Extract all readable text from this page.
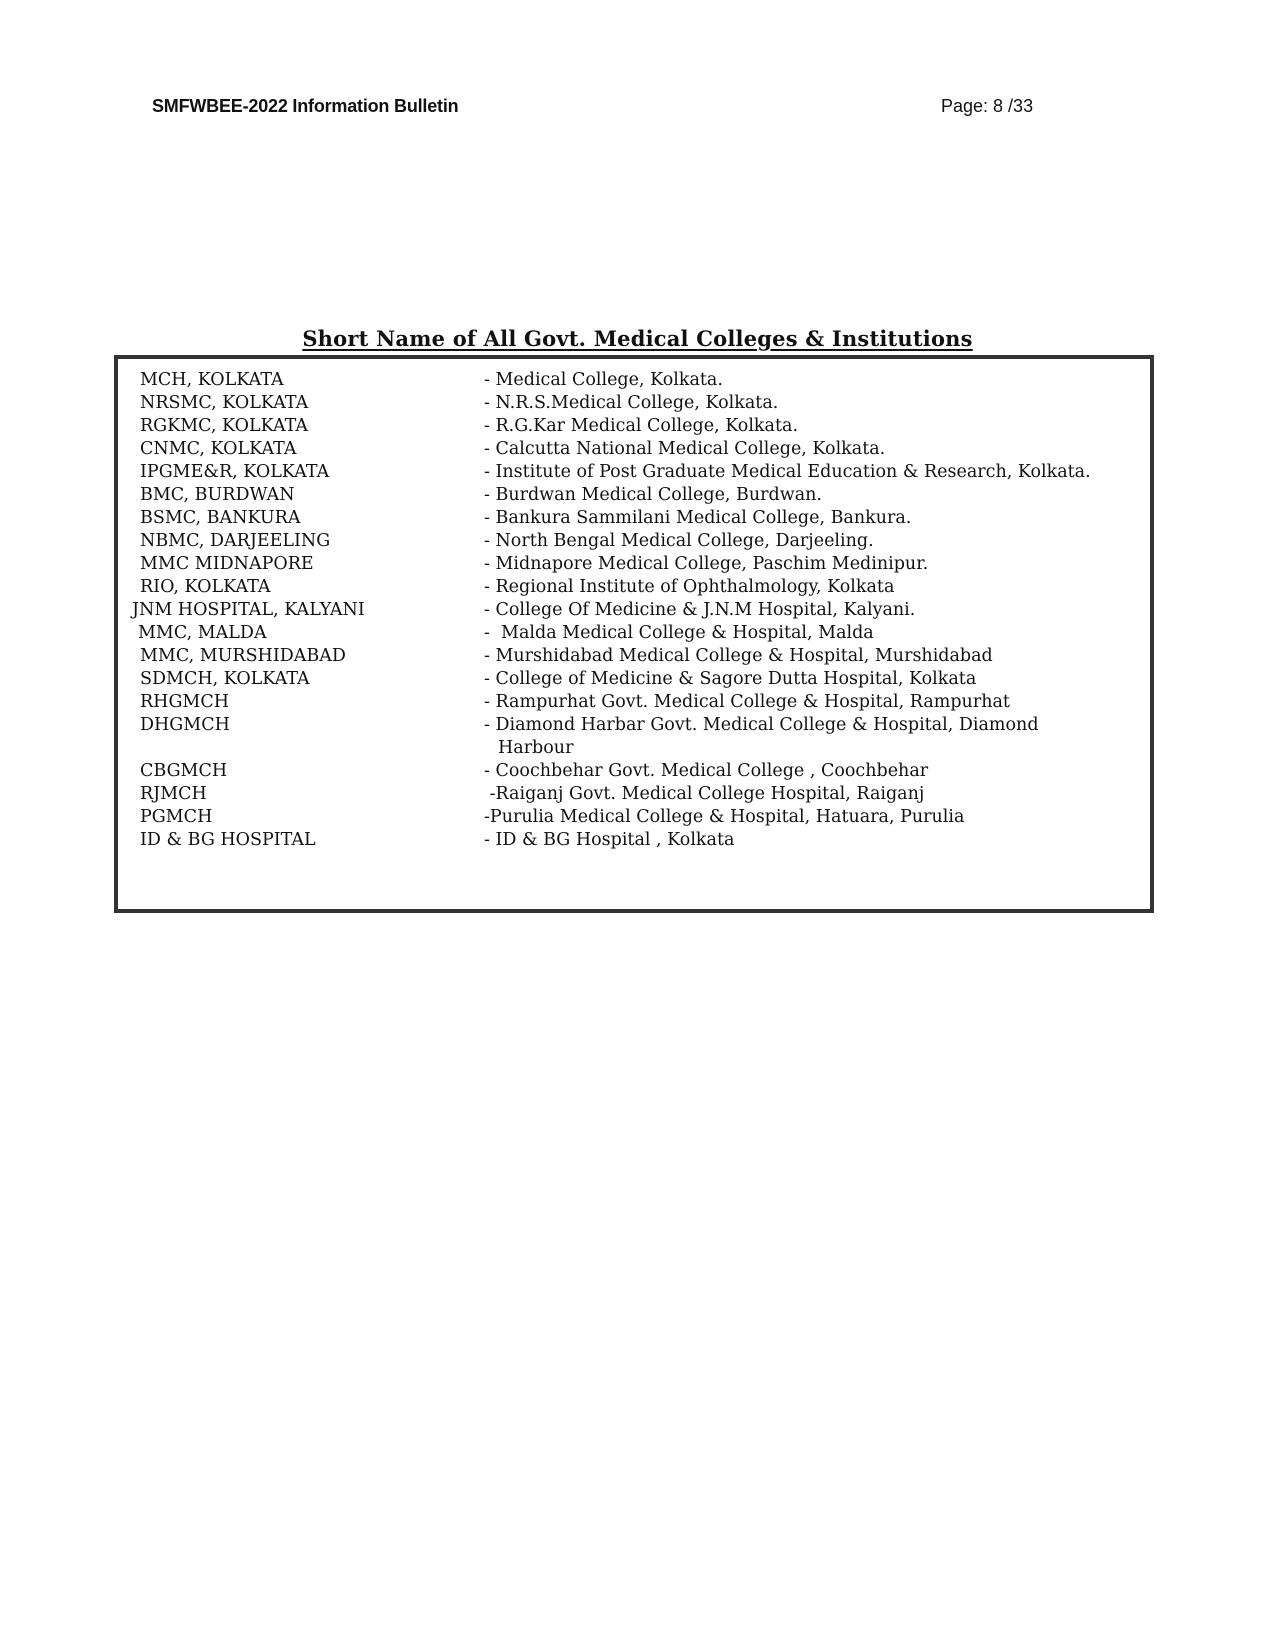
SMFWBEE-2022 Information Bulletin	Page: 8 /33
Short Name of All Govt. Medical Colleges & Institutions
MCH, KOLKATA	- Medical College, Kolkata.
NRSMC, KOLKATA	- N.R.S.Medical College, Kolkata.
RGKMC, KOLKATA	- R.G.Kar Medical College, Kolkata.
CNMC, KOLKATA	- Calcutta National Medical College, Kolkata.
IPGME&R, KOLKATA	- Institute of Post Graduate Medical Education & Research, Kolkata.
BMC, BURDWAN	- Burdwan Medical College, Burdwan.
BSMC, BANKURA	- Bankura Sammilani Medical College, Bankura.
NBMC, DARJEELING	- North Bengal Medical College, Darjeeling.
MMC MIDNAPORE	- Midnapore Medical College, Paschim Medinipur.
RIO, KOLKATA	- Regional Institute of Ophthalmology, Kolkata
JNM HOSPITAL, KALYANI	- College Of Medicine & J.N.M Hospital, Kalyani.
MMC, MALDA	-  Malda Medical College & Hospital, Malda
MMC, MURSHIDABAD	- Murshidabad Medical College & Hospital, Murshidabad
SDMCH, KOLKATA	- College of Medicine & Sagore Dutta Hospital, Kolkata
RHGMCH	- Rampurhat Govt. Medical College & Hospital, Rampurhat
DHGMCH	- Diamond Harbar Govt. Medical College & Hospital, Diamond Harbour
CBGMCH	- Coochbehar Govt. Medical College , Coochbehar
RJMCH	-Raiganj Govt. Medical College Hospital, Raiganj
PGMCH	-Purulia Medical College & Hospital, Hatuara, Purulia
ID & BG HOSPITAL	- ID & BG Hospital , Kolkata
